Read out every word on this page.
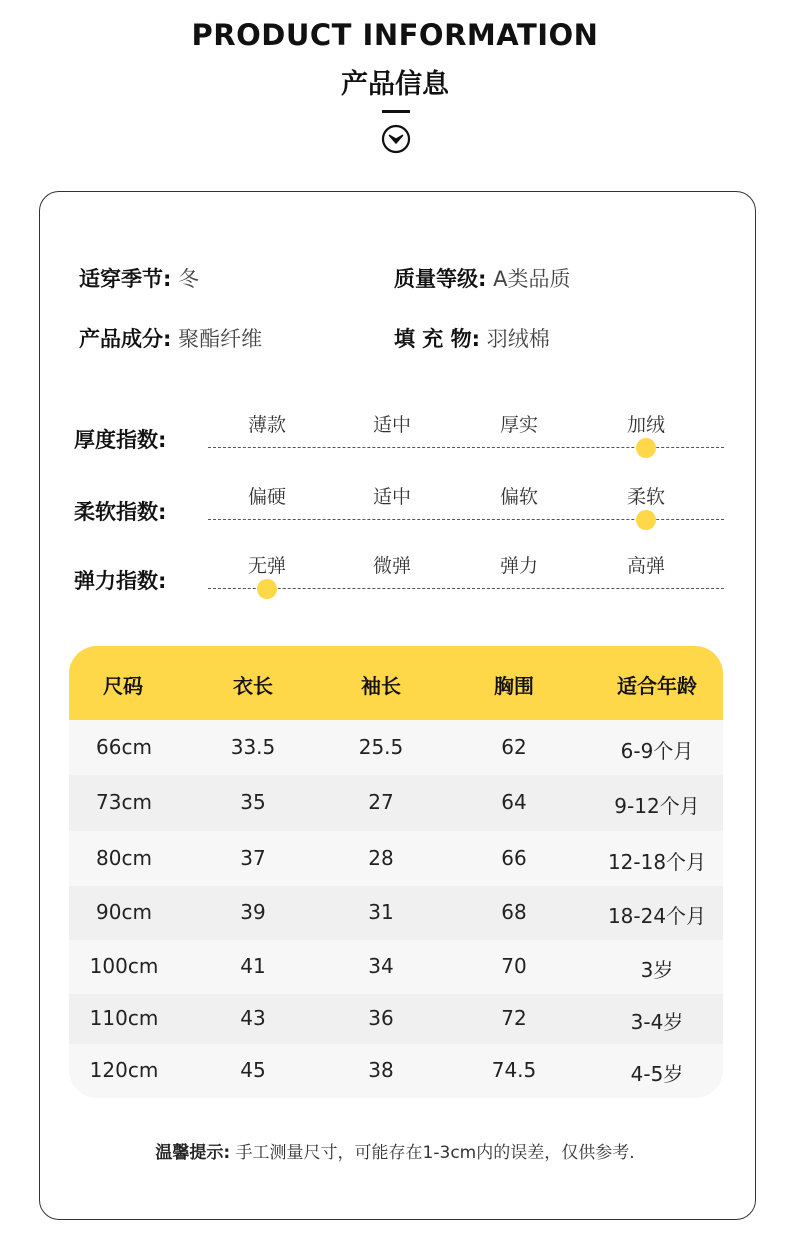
PRODUCT INFORMATION
产品信息
适穿季节: 冬	质量等级: A类品质
产品成分: 聚酯纤维	填 充 物: 羽绒棉
厚度指数:
薄款	适中	厚实	加绒
柔软指数:
偏硬	适中	偏软	柔软
弹力指数:
无弹	微弹	弹力	高弹
尺码	衣长	袖长	胸围	适合年龄
66cm	33.5	25.5	62	6-9个月
73cm	35	27	64	9-12个月
80cm	37	28	66	12-18个月
90cm	39	31	68	18-24个月
100cm	41	34	70	3岁
110cm	43	36	72	3-4岁
120cm	45	38	74.5	4-5岁
温馨提示: 手工测量尺寸，可能存在1-3cm内的误差，仅供参考.
